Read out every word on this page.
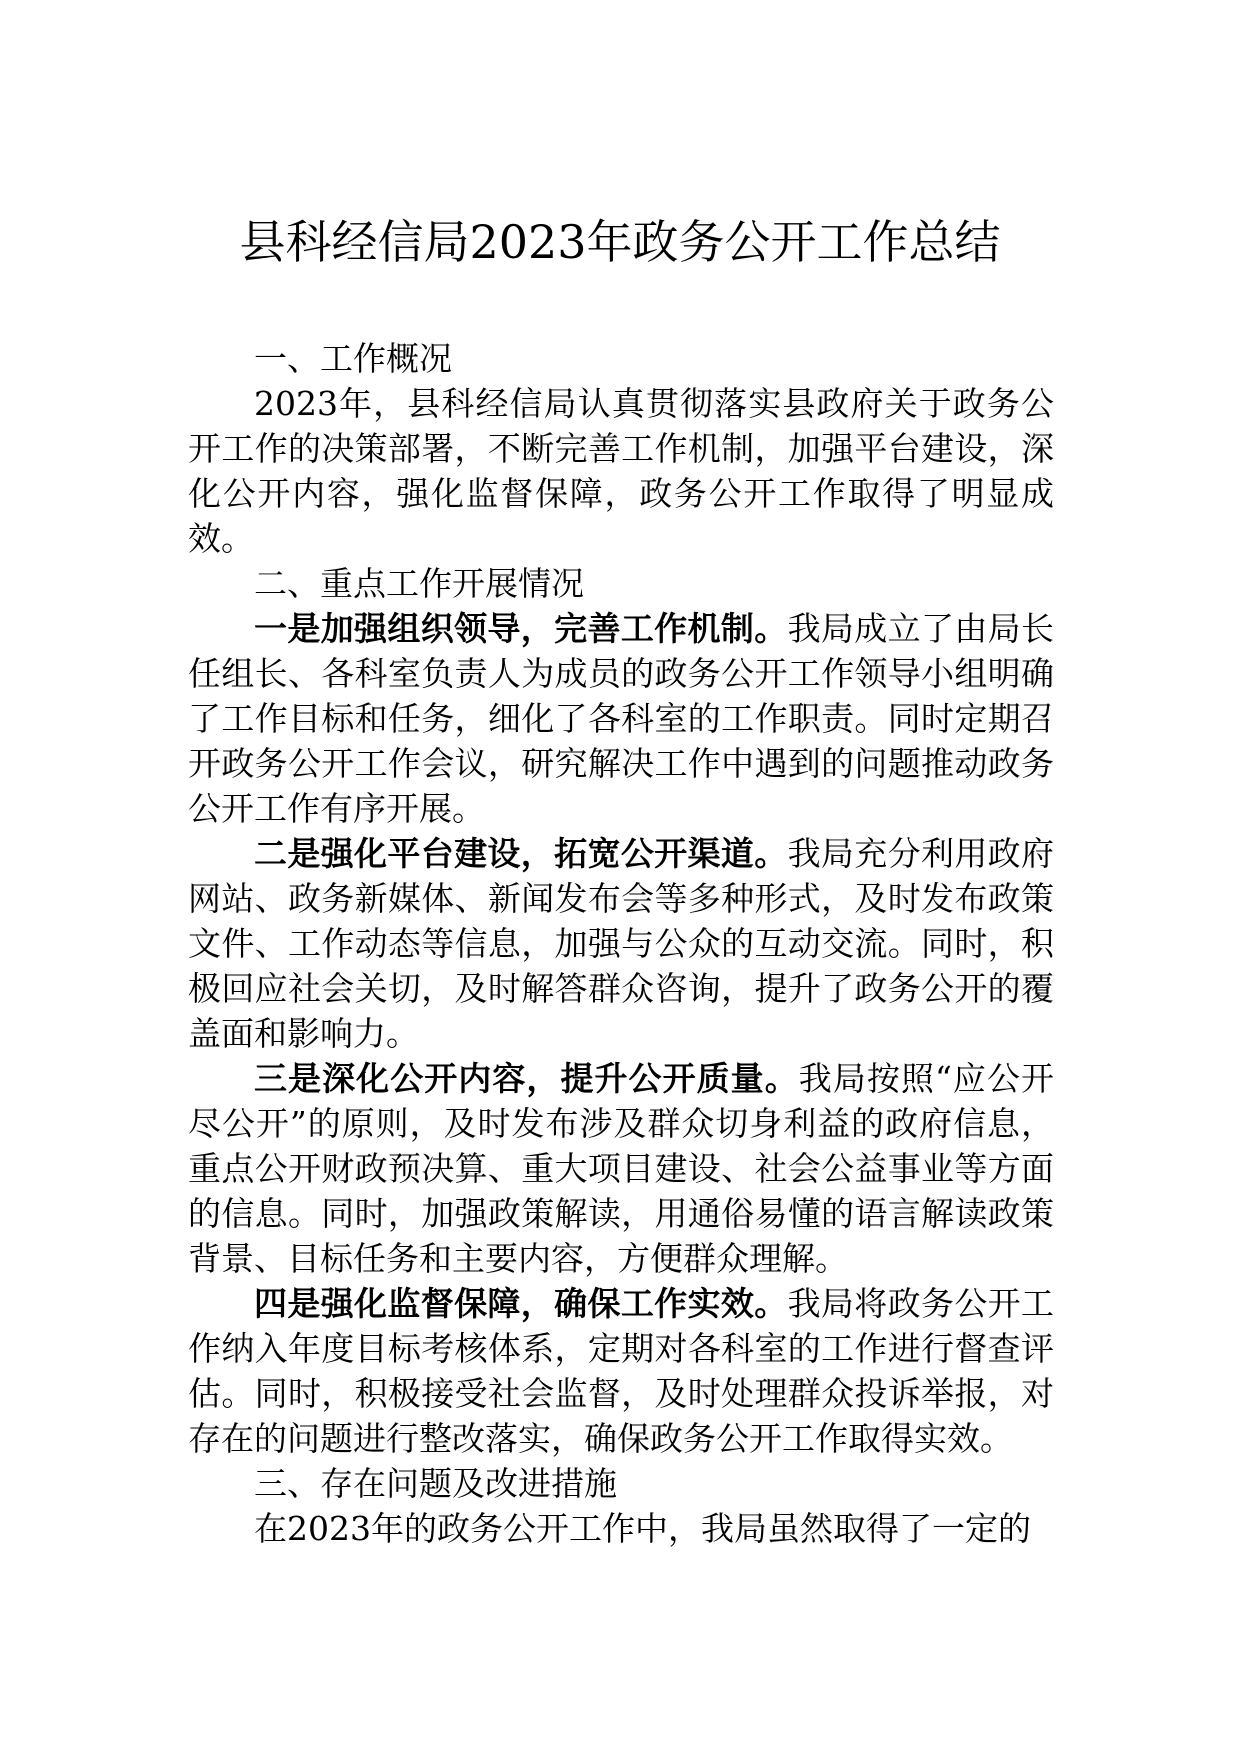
县科经信局2023年政务公开工作总结

一、工作概况

2023年，县科经信局认真贯彻落实县政府关于政务公开工作的决策部署，不断完善工作机制，加强平台建设，深化公开内容，强化监督保障，政务公开工作取得了明显成效。

二、重点工作开展情况

一是加强组织领导，完善工作机制。我局成立了由局长任组长、各科室负责人为成员的政务公开工作领导小组明确了工作目标和任务，细化了各科室的工作职责。同时定期召开政务公开工作会议，研究解决工作中遇到的问题推动政务公开工作有序开展。

二是强化平台建设，拓宽公开渠道。我局充分利用政府网站、政务新媒体、新闻发布会等多种形式，及时发布政策文件、工作动态等信息，加强与公众的互动交流。同时，积极回应社会关切，及时解答群众咨询，提升了政务公开的覆盖面和影响力。

三是深化公开内容，提升公开质量。我局按照“应公开尽公开”的原则，及时发布涉及群众切身利益的政府信息，重点公开财政预决算、重大项目建设、社会公益事业等方面的信息。同时，加强政策解读，用通俗易懂的语言解读政策背景、目标任务和主要内容，方便群众理解。

四是强化监督保障，确保工作实效。我局将政务公开工作纳入年度目标考核体系，定期对各科室的工作进行督查评估。同时，积极接受社会监督，及时处理群众投诉举报，对存在的问题进行整改落实，确保政务公开工作取得实效。

三、存在问题及改进措施

在2023年的政务公开工作中，我局虽然取得了一定的
